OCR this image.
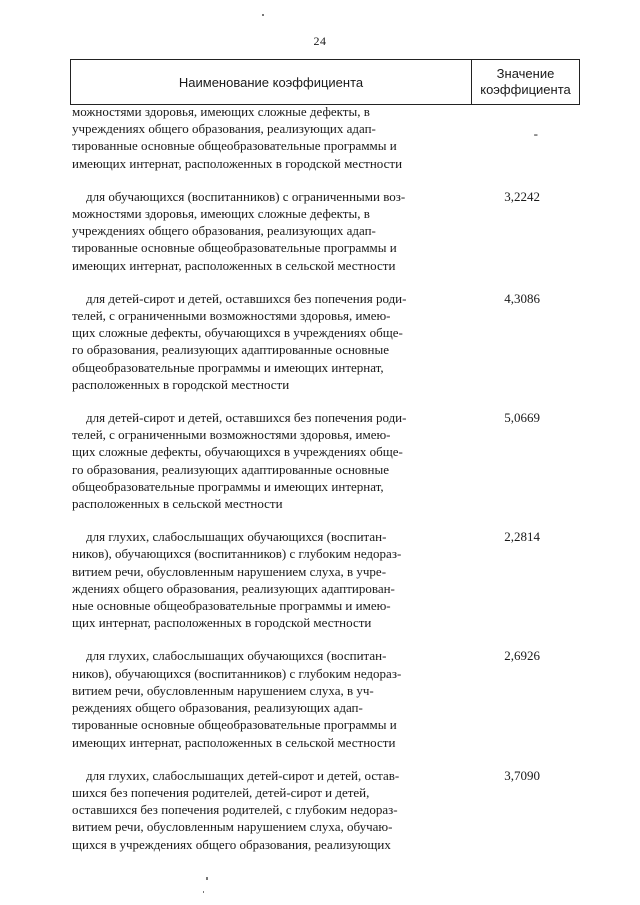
24
Наименование коэффициента
Значение
коэффициента
можностями здоровья, имеющих сложные дефекты, в
учреждениях общего образования, реализующих адап-
тированные основные общеобразовательные программы и
имеющих интернат, расположенных в городской местности
-
для обучающихся (воспитанников) с ограниченными воз-
можностями здоровья, имеющих сложные дефекты, в
учреждениях общего образования, реализующих адап-
тированные основные общеобразовательные программы и
имеющих интернат, расположенных в сельской местности
3,2242
для детей-сирот и детей, оставшихся без попечения роди-
телей, с ограниченными возможностями здоровья, имею-
щих сложные дефекты, обучающихся в учреждениях обще-
го образования, реализующих адаптированные основные
общеобразовательные программы и имеющих интернат,
расположенных в городской местности
4,3086
для детей-сирот и детей, оставшихся без попечения роди-
телей, с ограниченными возможностями здоровья, имею-
щих сложные дефекты, обучающихся в учреждениях обще-
го образования, реализующих адаптированные основные
общеобразовательные программы и имеющих интернат,
расположенных в сельской местности
5,0669
для глухих, слабослышащих обучающихся (воспитан-
ников), обучающихся (воспитанников) с глубоким недораз-
витием речи, обусловленным нарушением слуха, в учре-
ждениях общего образования, реализующих адаптирован-
ные основные общеобразовательные программы и имею-
щих интернат, расположенных в городской местности
2,2814
для глухих, слабослышащих обучающихся (воспитан-
ников), обучающихся (воспитанников) с глубоким недораз-
витием речи, обусловленным нарушением слуха, в уч-
реждениях общего образования, реализующих адап-
тированные основные общеобразовательные программы и
имеющих интернат, расположенных в сельской местности
2,6926
для глухих, слабослышащих детей-сирот и детей, остав-
шихся без попечения родителей, детей-сирот и детей,
оставшихся без попечения родителей, с глубоким недораз-
витием речи, обусловленным нарушением слуха, обучаю-
щихся в учреждениях общего образования, реализующих
3,7090
